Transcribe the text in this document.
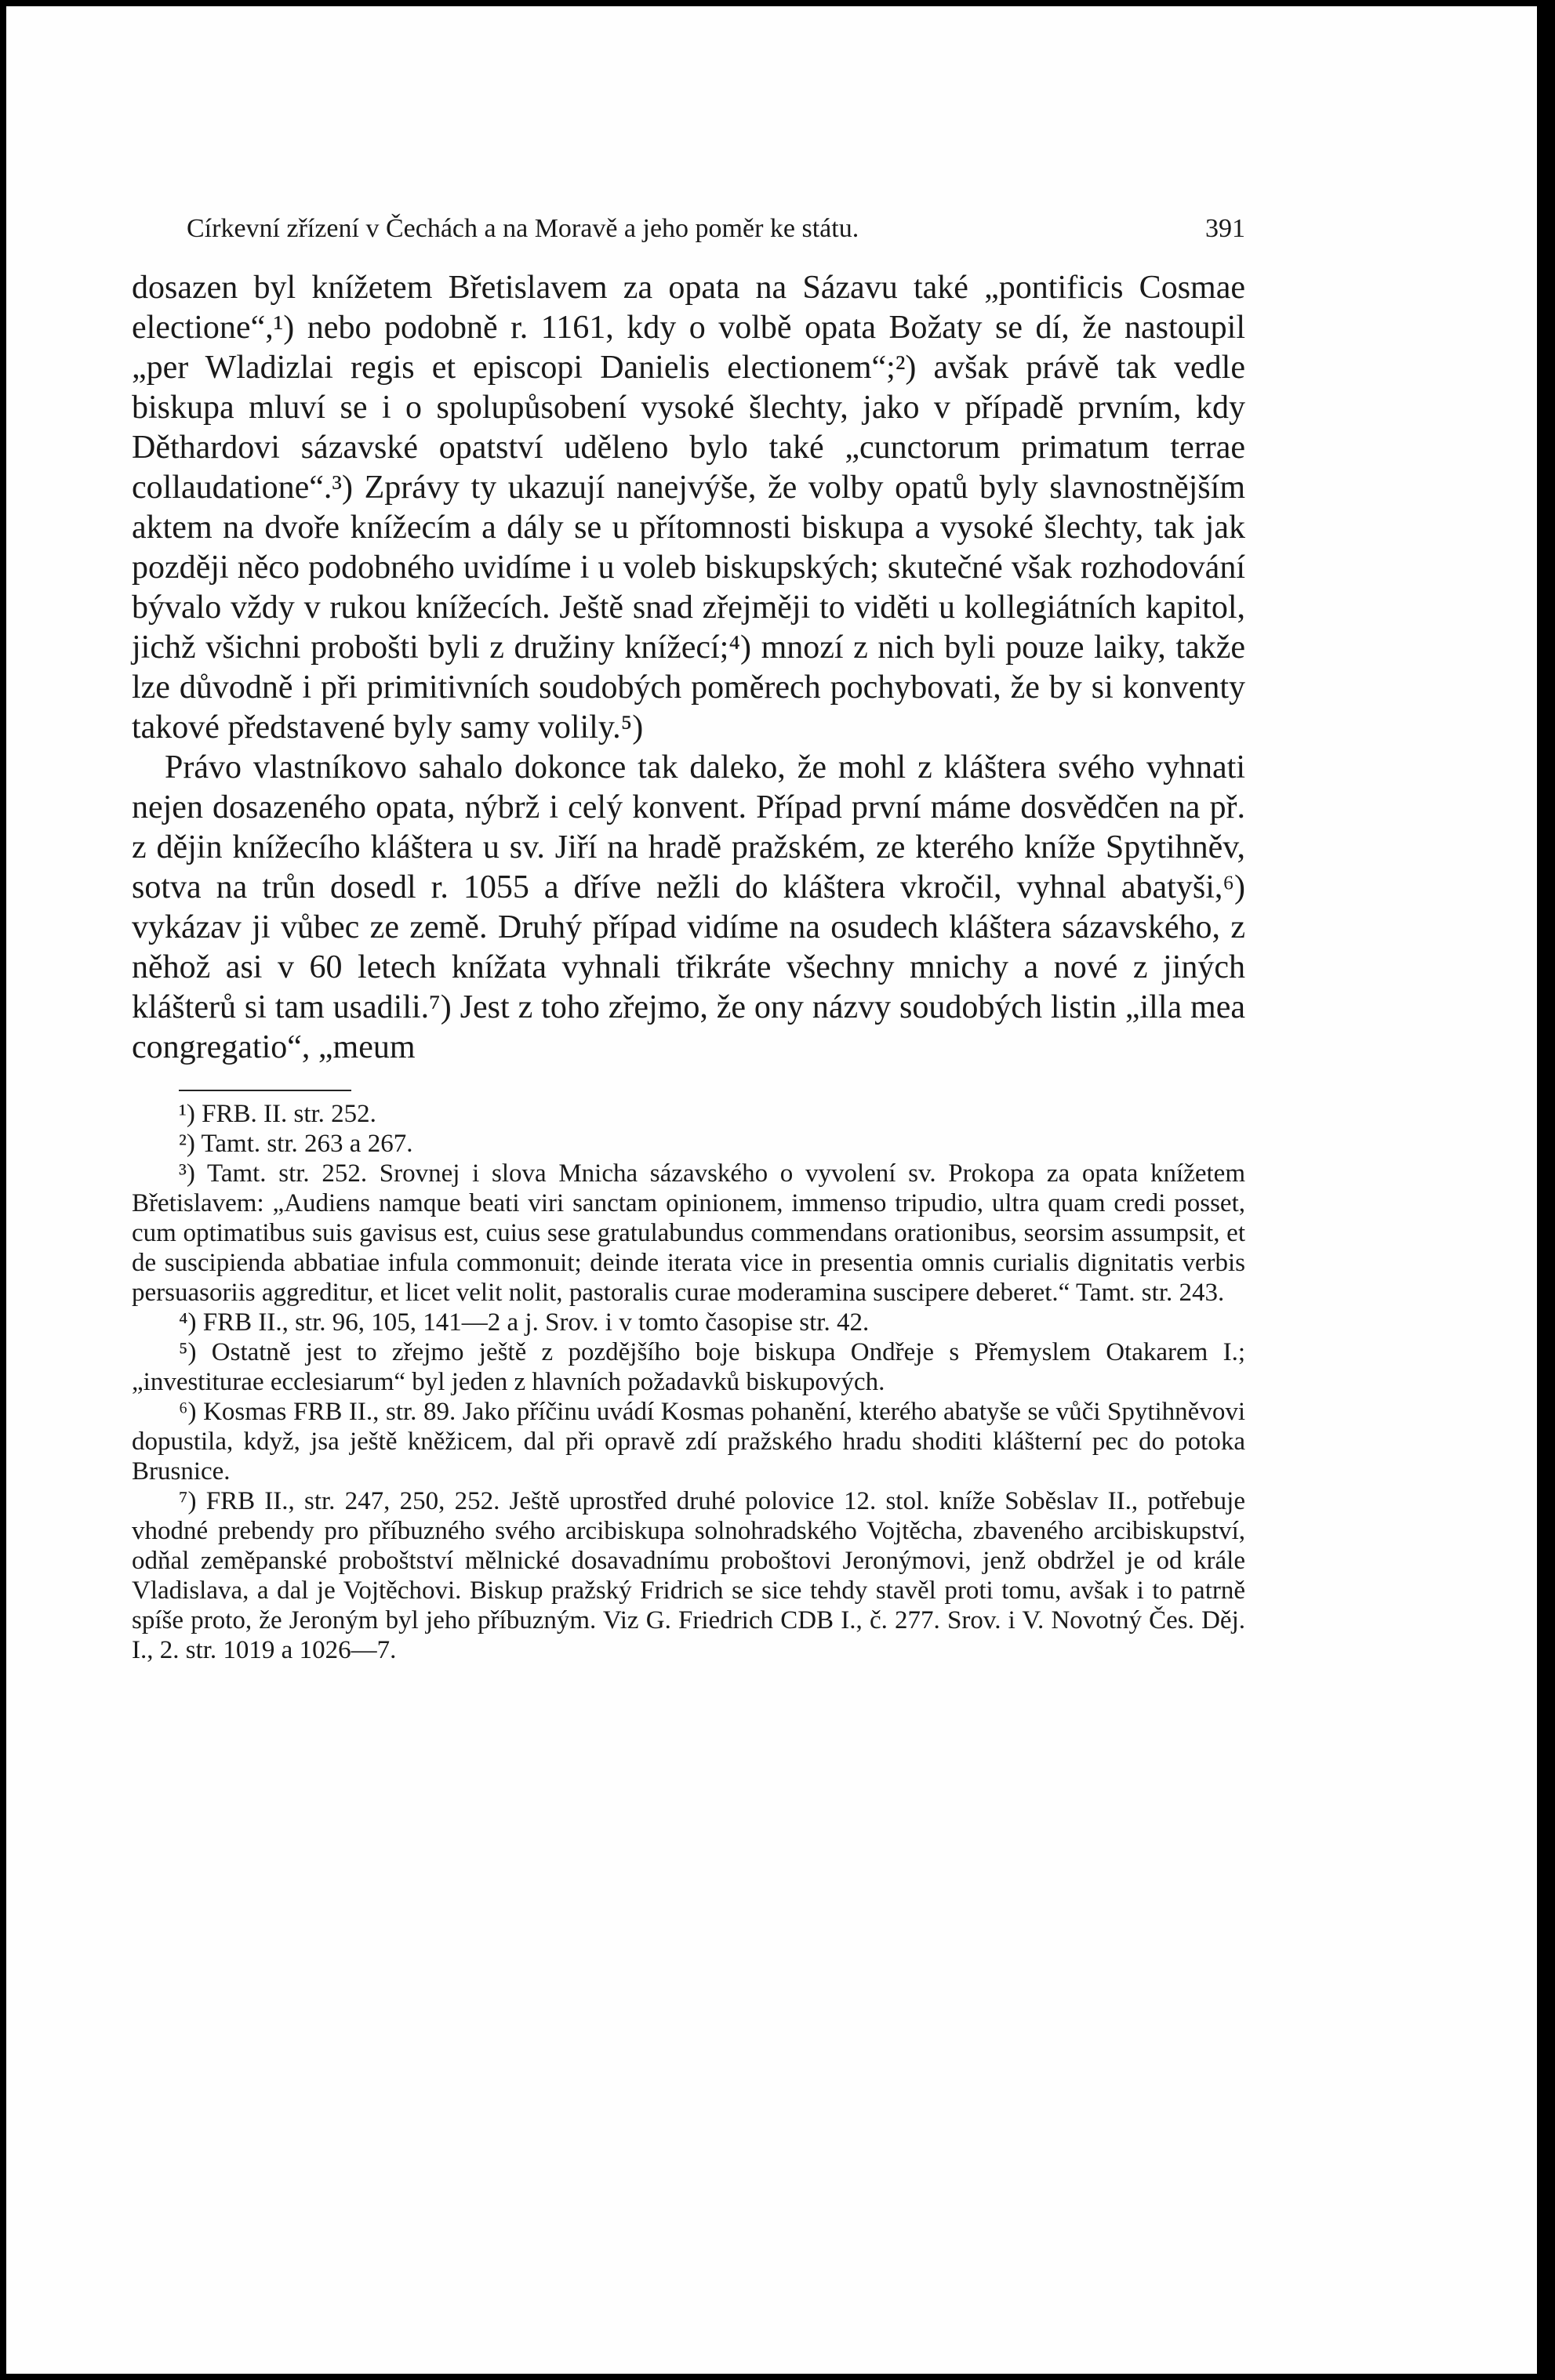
Církevní zřízení v Čechách a na Moravě a jeho poměr ke státu.	391

dosazen byl knížetem Břetislavem za opata na Sázavu také „pontificis Cosmae electione“,¹) nebo podobně r. 1161, kdy o volbě opata Božaty se dí, že nastoupil „per Wladizlai regis et episcopi Danielis electionem“;²) avšak právě tak vedle biskupa mluví se i o spolupůsobení vysoké šlechty, jako v případě prvním, kdy Děthardovi sázavské opatství uděleno bylo také „cunctorum primatum terrae collaudatione“.³) Zprávy ty ukazují nanejvýše, že volby opatů byly slavnostnějším aktem na dvoře knížecím a dály se u přítomnosti biskupa a vysoké šlechty, tak jak později něco podobného uvidíme i u voleb biskupských; skutečné však rozhodování bývalo vždy v rukou knížecích. Ještě snad zřejměji to viděti u kollegiátních kapitol, jichž všichni probošti byli z družiny knížecí;⁴) mnozí z nich byli pouze laiky, takže lze důvodně i při primitivních soudobých poměrech pochybovati, že by si konventy takové představené byly samy volily.⁵)

Právo vlastníkovo sahalo dokonce tak daleko, že mohl z kláštera svého vyhnati nejen dosazeného opata, nýbrž i celý konvent. Případ první máme dosvědčen na př. z dějin knížecího kláštera u sv. Jiří na hradě pražském, ze kterého kníže Spytihněv, sotva na trůn dosedl r. 1055 a dříve nežli do kláštera vkročil, vyhnal abatyši,⁶) vykázav ji vůbec ze země. Druhý případ vidíme na osudech kláštera sázavského, z něhož asi v 60 letech knížata vyhnali třikráte všechny mnichy a nové z jiných klášterů si tam usadili.⁷) Jest z toho zřejmo, že ony názvy soudobých listin „illa mea congregatio“, „meum

¹) FRB. II. str. 252.

²) Tamt. str. 263 a 267.

³) Tamt. str. 252. Srovnej i slova Mnicha sázavského o vyvolení sv. Prokopa za opata knížetem Břetislavem: „Audiens namque beati viri sanctam opinionem, immenso tripudio, ultra quam credi posset, cum optimatibus suis gavisus est, cuius sese gratulabundus commendans orationibus, seorsim assumpsit, et de suscipienda abbatiae infula commonuit; deinde iterata vice in presentia omnis curialis dignitatis verbis persuasoriis aggreditur, et licet velit nolit, pastoralis curae moderamina suscipere deberet.“ Tamt. str. 243.

⁴) FRB II., str. 96, 105, 141—2 a j. Srov. i v tomto časopise str. 42.

⁵) Ostatně jest to zřejmo ještě z pozdějšího boje biskupa Ondřeje s Přemyslem Otakarem I.; „investiturae ecclesiarum“ byl jeden z hlavních požadavků biskupových.

⁶) Kosmas FRB II., str. 89. Jako příčinu uvádí Kosmas pohanění, kterého abatyše se vůči Spytihněvovi dopustila, když, jsa ještě kněžicem, dal při opravě zdí pražského hradu shoditi klášterní pec do potoka Brusnice.

⁷) FRB II., str. 247, 250, 252. Ještě uprostřed druhé polovice 12. stol. kníže Soběslav II., potřebuje vhodné prebendy pro příbuzného svého arcibiskupa solnohradského Vojtěcha, zbaveného arcibiskupství, odňal zeměpanské proboštství mělnické dosavadnímu proboštovi Jeronýmovi, jenž obdržel je od krále Vladislava, a dal je Vojtěchovi. Biskup pražský Fridrich se sice tehdy stavěl proti tomu, avšak i to patrně spíše proto, že Jeroným byl jeho příbuzným. Viz G. Friedrich CDB I., č. 277. Srov. i V. Novotný Čes. Děj. I., 2. str. 1019 a 1026—7.
